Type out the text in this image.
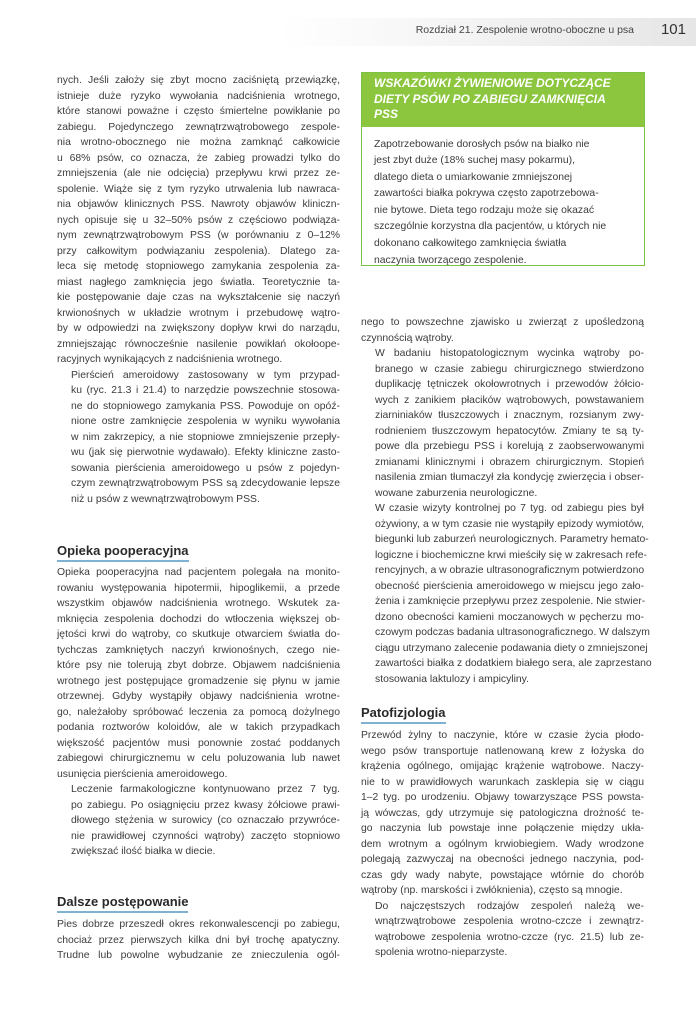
Rozdział 21. Zespolenie wrotno-oboczne u psa 101

nych. Jeśli założy się zbyt mocno zaciśniętą przewiązkę,
istnieje duże ryzyko wywołania nadciśnienia wrotnego,
które stanowi poważne i często śmiertelne powikłanie po
zabiegu. Pojedynczego zewnątrzwątrobowego zespole-
nia wrotno-obocznego nie można zamknąć całkowicie
u 68% psów, co oznacza, że zabieg prowadzi tylko do
zmniejszenia (ale nie odcięcia) przepływu krwi przez ze-
spolenie. Wiąże się z tym ryzyko utrwalenia lub nawraca-
nia objawów klinicznych PSS. Nawroty objawów kliniczn-
nych opisuje się u 32–50% psów z częściowo podwiąza-
nym zewnątrzwątrobowym PSS (w porównaniu z 0–12%
przy całkowitym podwiązaniu zespolenia). Dlatego za-
leca się metodę stopniowego zamykania zespolenia za-
miast nagłego zamknięcia jego światła. Teoretycznie ta-
kie postępowanie daje czas na wykształcenie się naczyń
krwionośnych w układzie wrotnym i przebudowę wątro-
by w odpowiedzi na zwiększony dopływ krwi do narządu,
zmniejszając równocześnie nasilenie powikłań okołoope-
racyjnych wynikających z nadciśnienia wrotnego.

Pierścień ameroidowy zastosowany w tym przypad-
ku (ryc. 21.3 i 21.4) to narzędzie powszechnie stosowa-
ne do stopniowego zamykania PSS. Powoduje on opóź-
nione ostre zamknięcie zespolenia w wyniku wywołania
w nim zakrzepicy, a nie stopniowe zmniejszenie przepły-
wu (jak się pierwotnie wydawało). Efekty kliniczne zasto-
sowania pierścienia ameroidowego u psów z pojedyn-
czym zewnątrzwątrobowym PSS są zdecydowanie lepsze
niż u psów z wewnątrzwątrobowym PSS.

Opieka pooperacyjna

Opieka pooperacyjna nad pacjentem polegała na monito-
rowaniu występowania hipotermii, hipoglikemii, a przede
wszystkim objawów nadciśnienia wrotnego. Wskutek za-
mknięcia zespolenia dochodzi do wtłoczenia większej ob-
jętości krwi do wątroby, co skutkuje otwarciem światła do-
tychczas zamkniętych naczyń krwionośnych, czego nie-
które psy nie tolerują zbyt dobrze. Objawem nadciśnienia
wrotnego jest postępujące gromadzenie się płynu w jamie
otrzewnej. Gdyby wystąpiły objawy nadciśnienia wrotne-
go, należałoby spróbować leczenia za pomocą dożylnego
podania roztworów koloidów, ale w takich przypadkach
większość pacjentów musi ponownie zostać poddanych
zabiegowi chirurgicznemu w celu poluzowania lub nawet
usunięcia pierścienia ameroidowego.

Leczenie farmakologiczne kontynuowano przez 7 tyg.
po zabiegu. Po osiągnięciu przez kwasy żółciowe prawi-
dłowego stężenia w surowicy (co oznaczało przywróce-
nie prawidłowej czynności wątroby) zaczęto stopniowo
zwiększać ilość białka w diecie.

Dalsze postępowanie

Pies dobrze przeszedł okres rekonwalescencji po zabiegu,
chociaż przez pierwszych kilka dni był trochę apatyczny.
Trudne lub powolne wybudzanie ze znieczulenia ogól-

WSKAZÓWKI ŻYWIENIOWE DOTYCZĄCE
DIETY PSÓW PO ZABIEGU ZAMKNIĘCIA
PSS
Zapotrzebowanie dorosłych psów na białko nie
jest zbyt duże (18% suchej masy pokarmu),
dlatego dieta o umiarkowanie zmniejszonej
zawartości białka pokrywa często zapotrzebowa-
nie bytowe. Dieta tego rodzaju może się okazać
szczególnie korzystna dla pacjentów, u których nie
dokonano całkowitego zamknięcia światła
naczynia tworzącego zespolenie.

nego to powszechne zjawisko u zwierząt z upośledzoną
czynnością wątroby.

W badaniu histopatologicznym wycinka wątroby po-
branego w czasie zabiegu chirurgicznego stwierdzono
duplikację tętniczek okołowrotnych i przewodów żółcio-
wych z zanikiem płacików wątrobowych, powstawaniem
ziarniniaków tłuszczowych i znacznym, rozsianym zwy-
rodnieniem tłuszczowym hepatocytów. Zmiany te są ty-
powe dla przebiegu PSS i korelują z zaobserwowanymi
zmianami klinicznymi i obrazem chirurgicznym. Stopień
nasilenia zmian tłumaczył zła kondycję zwierzęcia i obser-
wowane zaburzenia neurologiczne.

W czasie wizyty kontrolnej po 7 tyg. od zabiegu pies był
ożywiony, a w tym czasie nie wystąpiły epizody wymiotów,
biegunki lub zaburzeń neurologicznych. Parametry hemato-
logiczne i biochemiczne krwi mieściły się w zakresach refe-
rencyjnych, a w obrazie ultrasonograficznym potwierdzono
obecność pierścienia ameroidowego w miejscu jego zało-
żenia i zamknięcie przepływu przez zespolenie. Nie stwier-
dzono obecności kamieni moczanowych w pęcherzu mo-
czowym podczas badania ultrasonograficznego. W dalszym
ciągu utrzymano zalecenie podawania diety o zmniejszonej
zawartości białka z dodatkiem białego sera, ale zaprzestano
stosowania laktulozy i ampicyliny.

Patofizjologia

Przewód żylny to naczynie, które w czasie życia płodo-
wego psów transportuje natlenowaną krew z łożyska do
krążenia ogólnego, omijając krążenie wątrobowe. Naczy-
nie to w prawidłowych warunkach zasklepia się w ciągu
1–2 tyg. po urodzeniu. Objawy towarzyszące PSS powsta-
ją wówczas, gdy utrzymuje się patologiczna drożność te-
go naczynia lub powstaje inne połączenie między ukła-
dem wrotnym a ogólnym krwiobiegiem. Wady wrodzone
polegają zazwyczaj na obecności jednego naczynia, pod-
czas gdy wady nabyte, powstające wtórnie do chorób
wątroby (np. marskości i zwłóknienia), często są mnogie.

Do najczęstszych rodzajów zespoleń należą we-
wnątrzwątrobowe zespolenia wrotno-czcze i zewnątrz-
wątrobowe zespolenia wrotno-czcze (ryc. 21.5) lub ze-
spolenia wrotno-nieparzyste.
